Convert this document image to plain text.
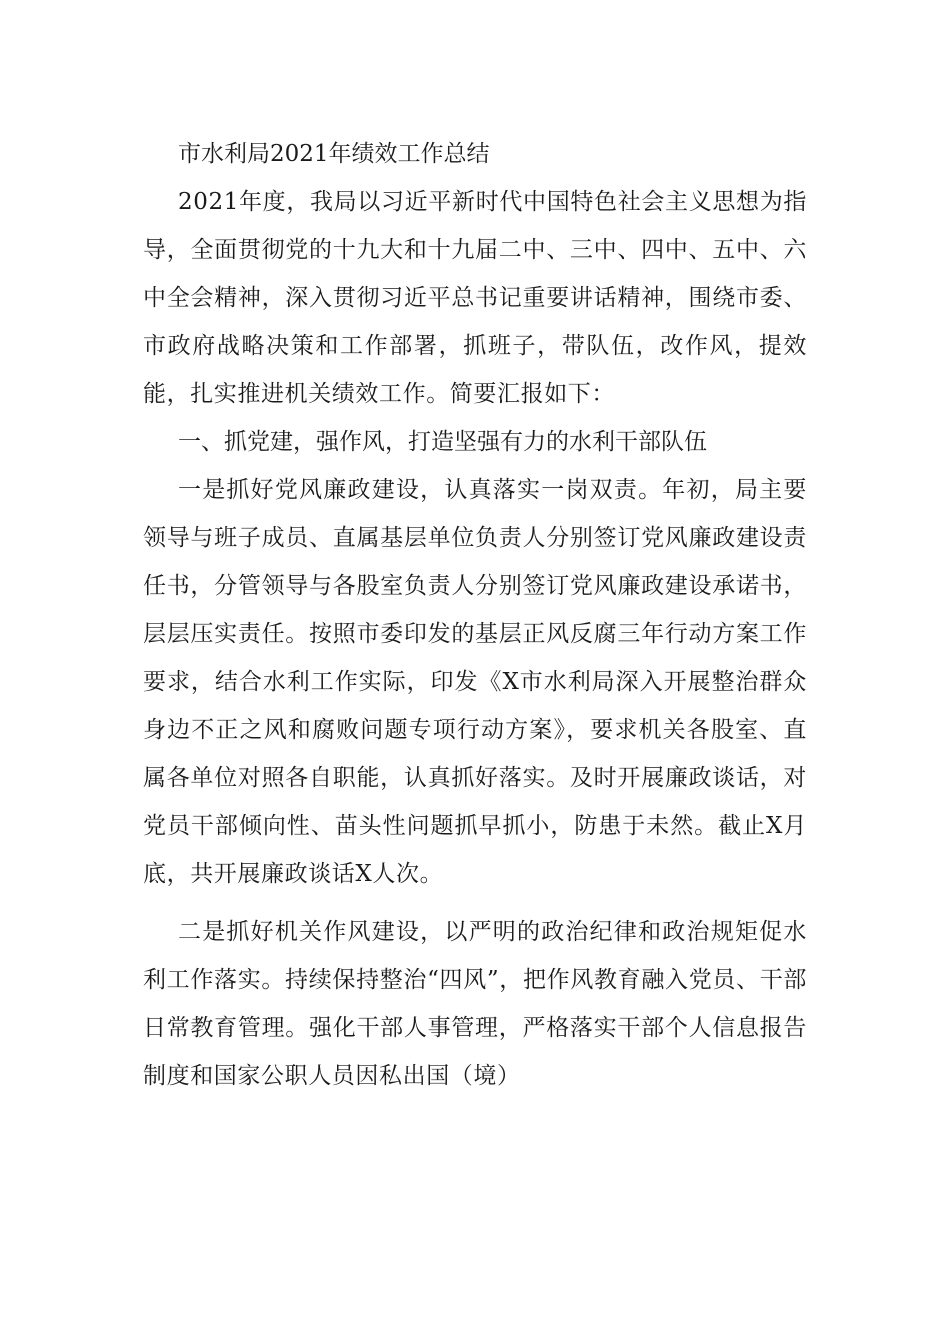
市水利局2021年绩效工作总结

2021年度，我局以习近平新时代中国特色社会主义思想为指导，全面贯彻党的十九大和十九届二中、三中、四中、五中、六中全会精神，深入贯彻习近平总书记重要讲话精神，围绕市委、市政府战略决策和工作部署，抓班子，带队伍，改作风，提效能，扎实推进机关绩效工作。简要汇报如下：

一、抓党建，强作风，打造坚强有力的水利干部队伍

一是抓好党风廉政建设，认真落实一岗双责。年初，局主要领导与班子成员、直属基层单位负责人分别签订党风廉政建设责任书，分管领导与各股室负责人分别签订党风廉政建设承诺书，层层压实责任。按照市委印发的基层正风反腐三年行动方案工作要求，结合水利工作实际，印发《X市水利局深入开展整治群众身边不正之风和腐败问题专项行动方案》，要求机关各股室、直属各单位对照各自职能，认真抓好落实。及时开展廉政谈话，对党员干部倾向性、苗头性问题抓早抓小，防患于未然。截止X月底，共开展廉政谈话X人次。

二是抓好机关作风建设，以严明的政治纪律和政治规矩促水利工作落实。持续保持整治“四风”，把作风教育融入党员、干部日常教育管理。强化干部人事管理，严格落实干部个人信息报告制度和国家公职人员因私出国（境）
